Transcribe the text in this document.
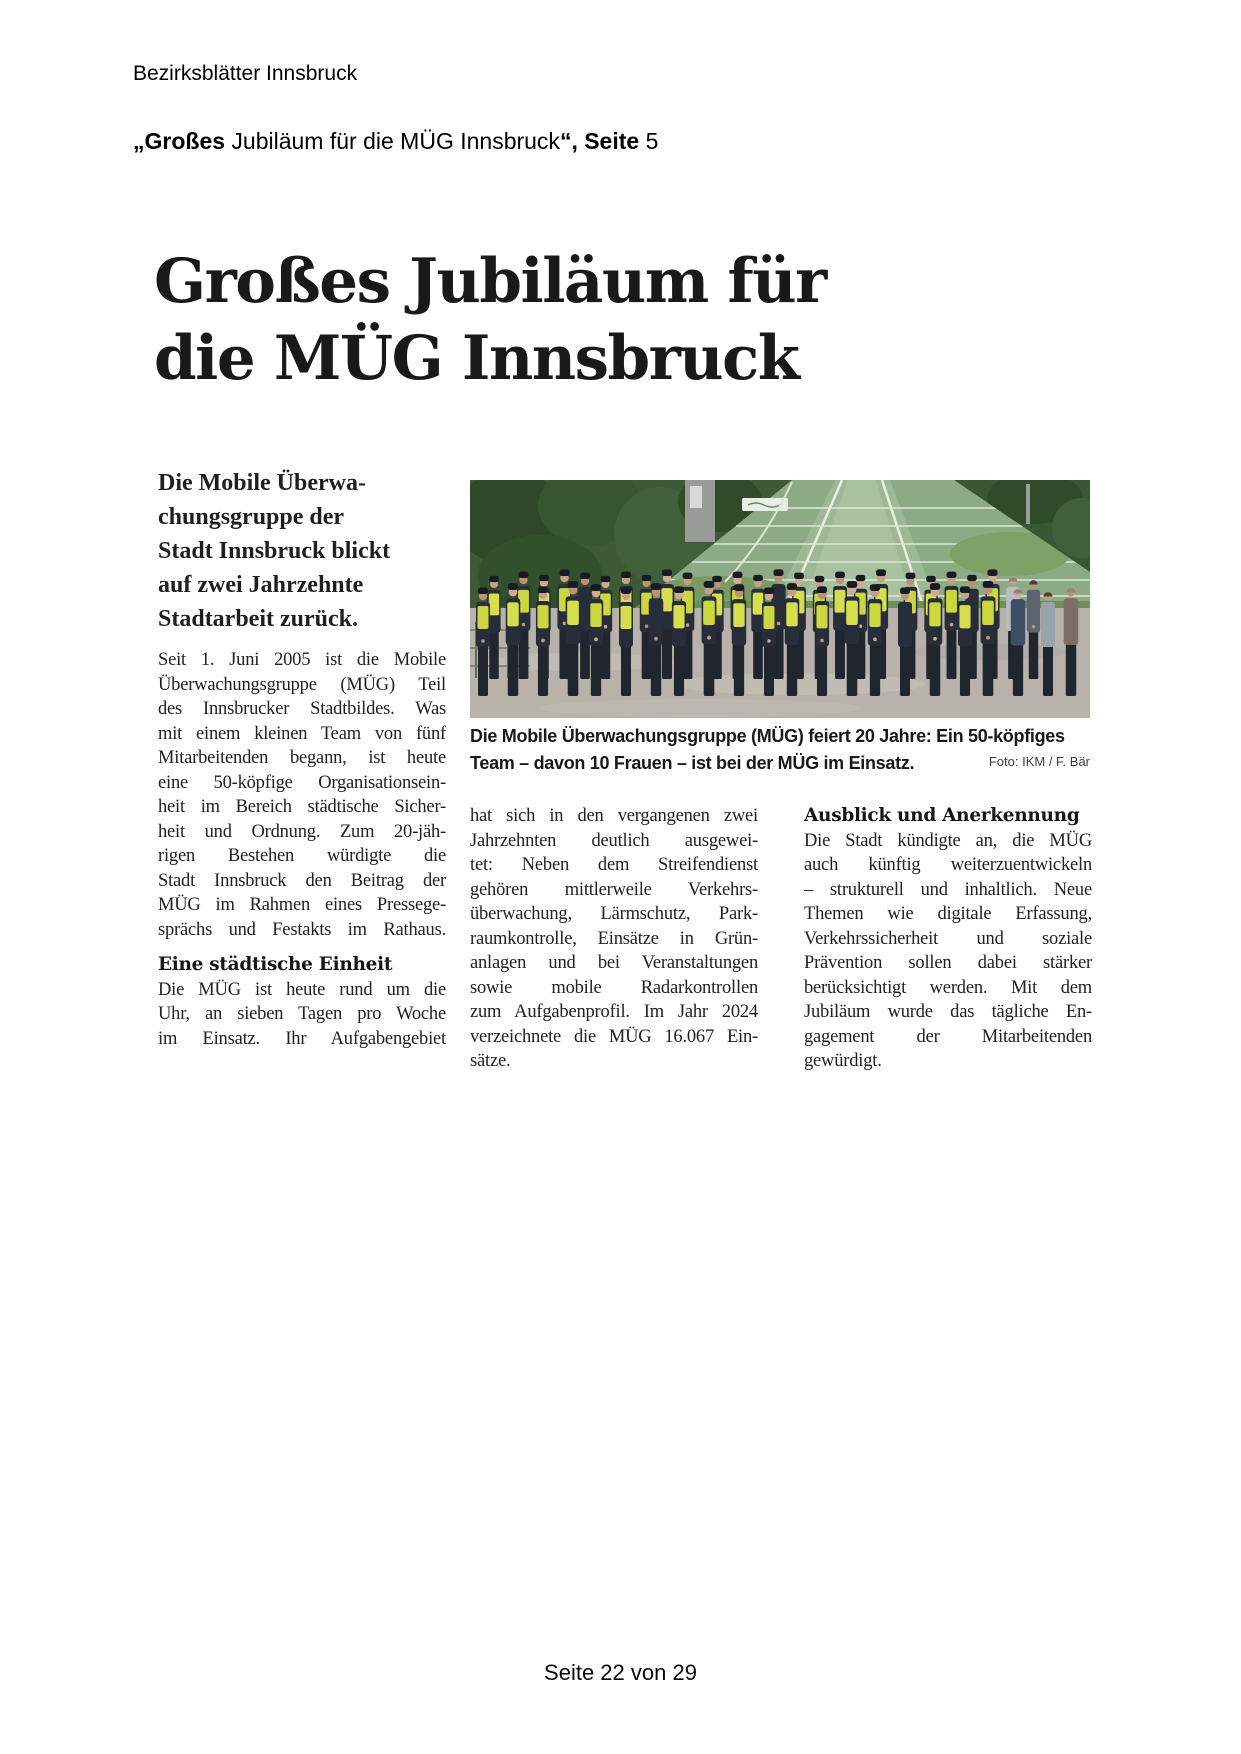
Bezirksblätter Innsbruck
„Großes Jubiläum für die MÜG Innsbruck“, Seite 5
Großes Jubiläum für
die MÜG Innsbruck
Die Mobile Überwa-
chungsgruppe der
Stadt Innsbruck blickt
auf zwei Jahrzehnte
Stadtarbeit zurück.
Seit 1. Juni 2005 ist die Mobile
Überwachungsgruppe (MÜG) Teil
des Innsbrucker Stadtbildes. Was
mit einem kleinen Team von fünf
Mitarbeitenden begann, ist heute
eine 50-köpfige Organisationsein-
heit im Bereich städtische Sicher-
heit und Ordnung. Zum 20-jäh-
rigen Bestehen würdigte die
Stadt Innsbruck den Beitrag der
MÜG im Rahmen eines Pressege-
sprächs und Festakts im Rathaus.
Eine städtische Einheit
Die MÜG ist heute rund um die
Uhr, an sieben Tagen pro Woche
im Einsatz. Ihr Aufgabengebiet
Die Mobile Überwachungsgruppe (MÜG) feiert 20 Jahre: Ein 50-köpfiges
Team – davon 10 Frauen – ist bei der MÜG im Einsatz.	Foto: IKM / F. Bär
hat sich in den vergangenen zwei
Jahrzehnten deutlich ausgewei-
tet: Neben dem Streifendienst
gehören mittlerweile Verkehrs-
überwachung, Lärmschutz, Park-
raumkontrolle, Einsätze in Grün-
anlagen und bei Veranstaltungen
sowie mobile Radarkontrollen
zum Aufgabenprofil. Im Jahr 2024
verzeichnete die MÜG 16.067 Ein-
sätze.
Ausblick und Anerkennung
Die Stadt kündigte an, die MÜG
auch künftig weiterzuentwickeln
– strukturell und inhaltlich. Neue
Themen wie digitale Erfassung,
Verkehrssicherheit und soziale
Prävention sollen dabei stärker
berücksichtigt werden. Mit dem
Jubiläum wurde das tägliche En-
gagement der Mitarbeitenden
gewürdigt.
Seite 22 von 29
